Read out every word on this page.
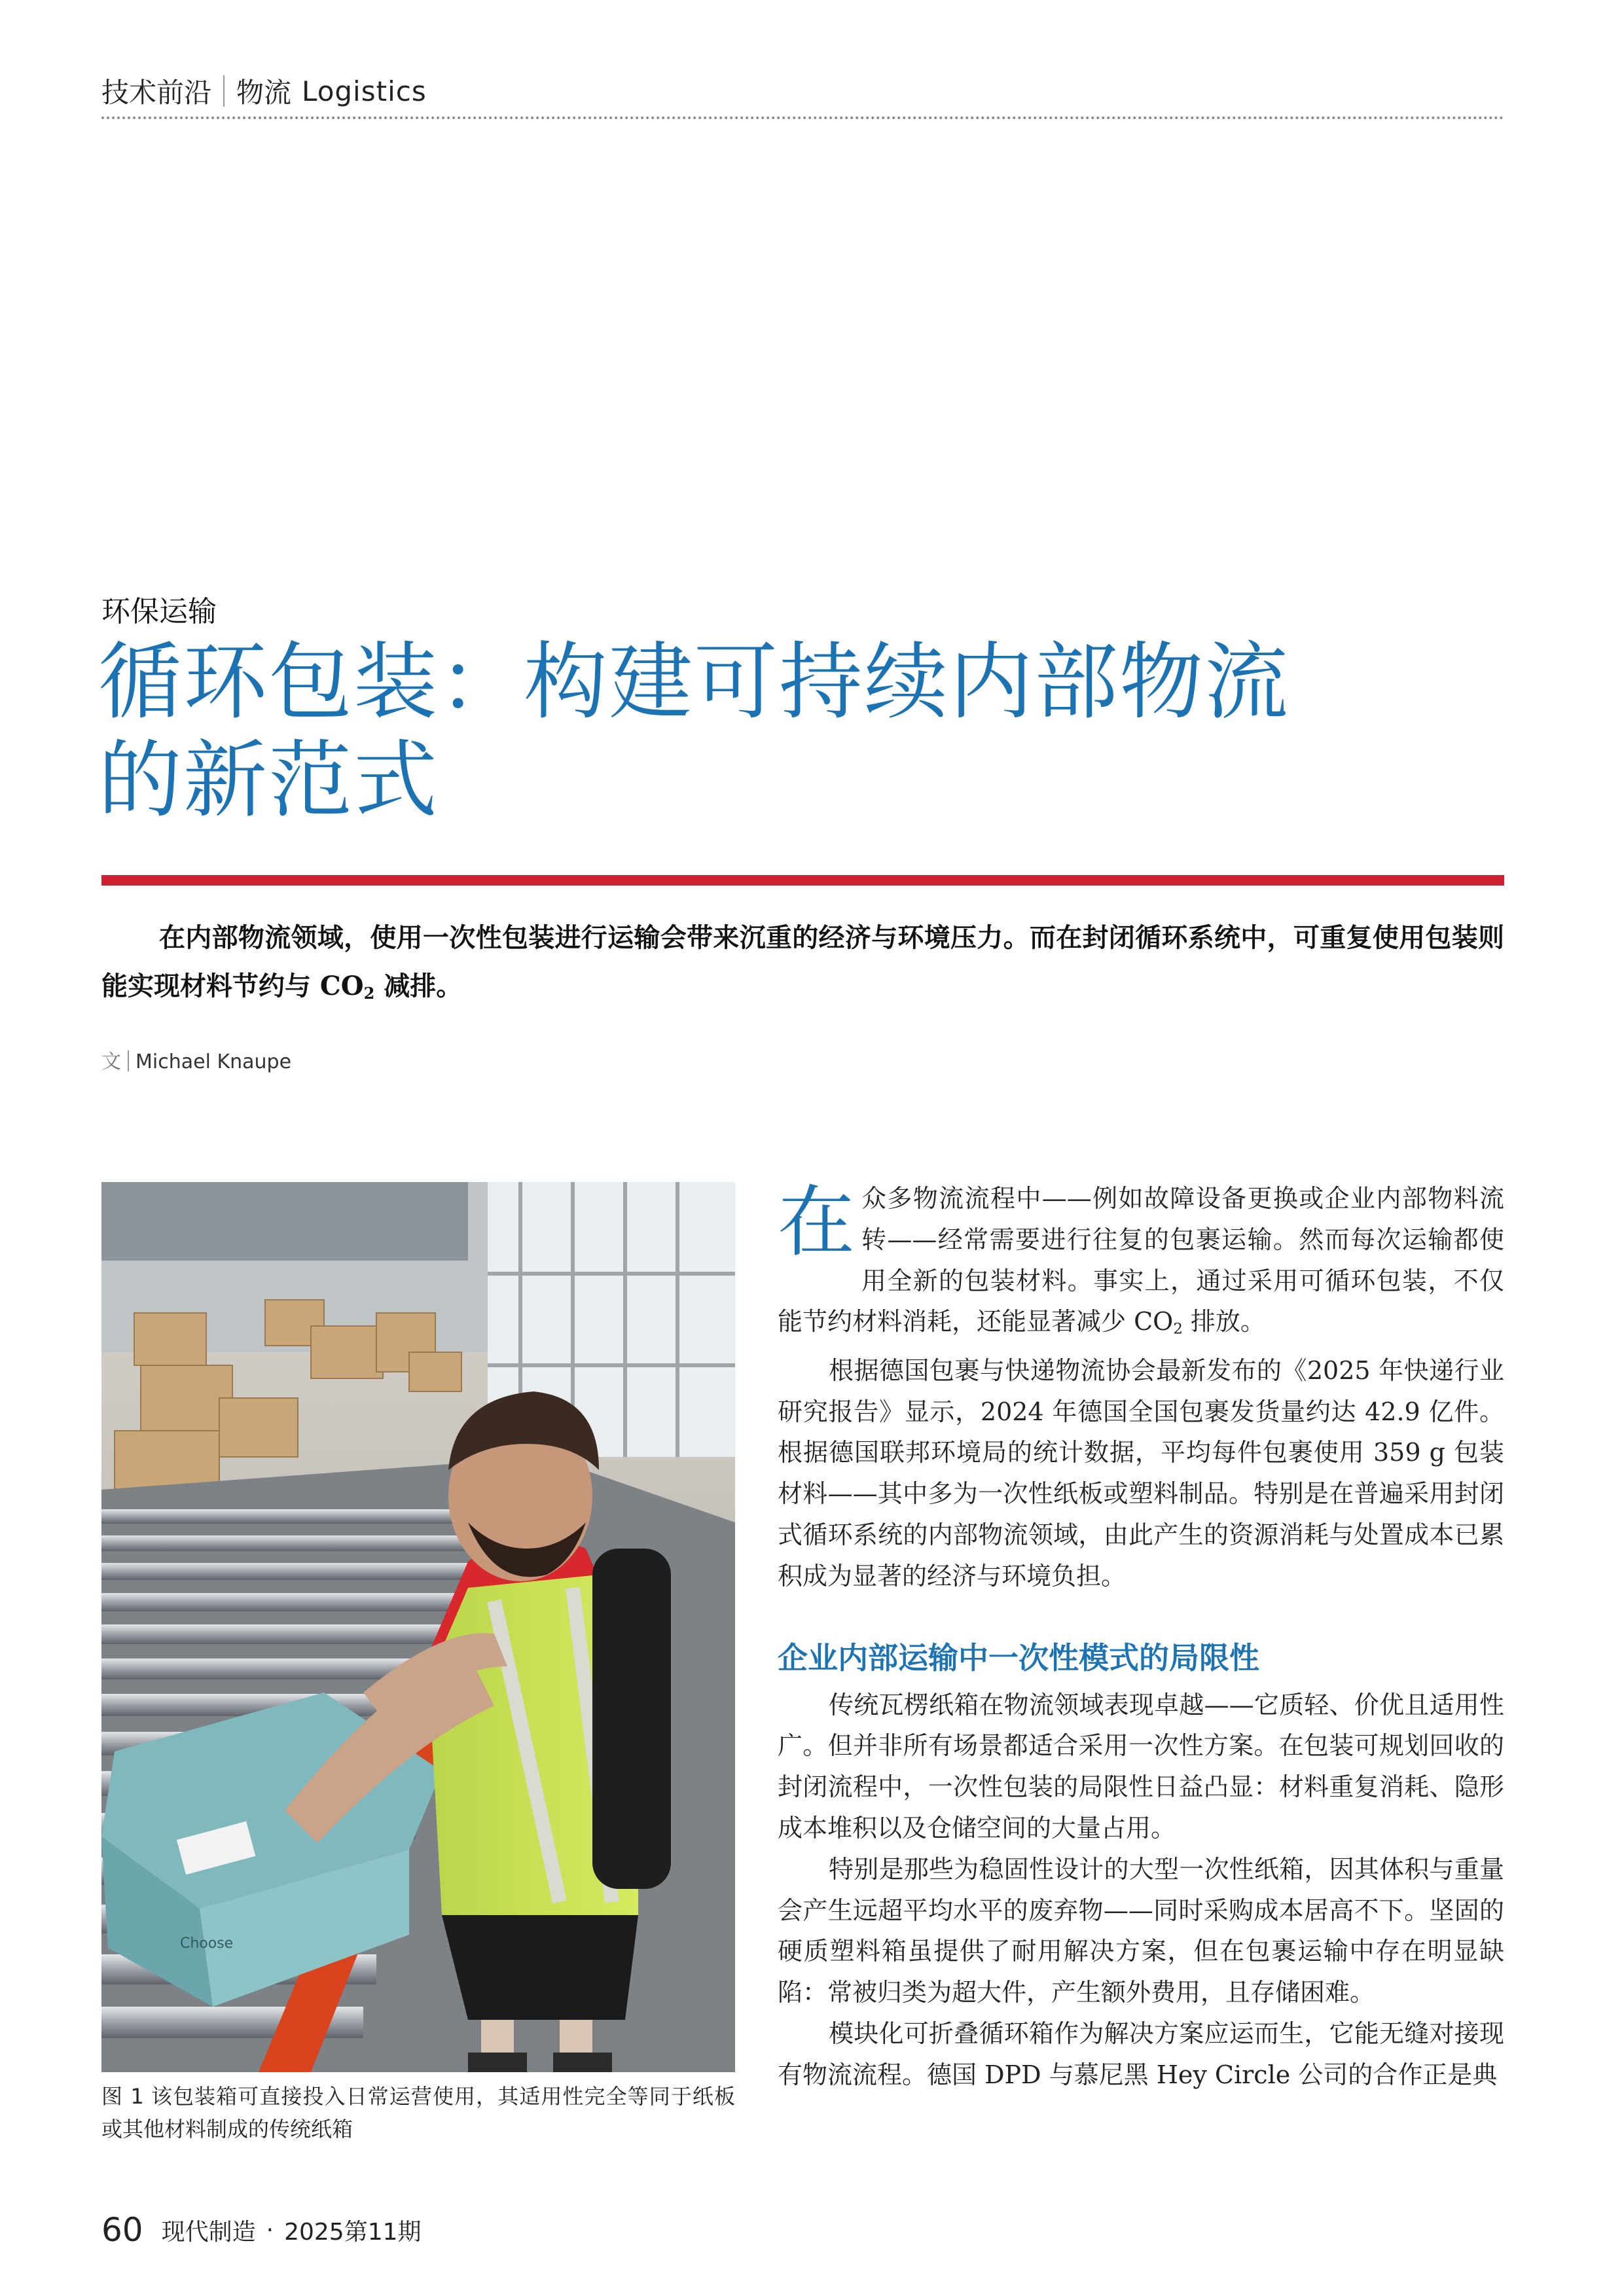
技术前沿 物流 Logistics
环保运输
循环包装：构建可持续内部物流
的新范式
在内部物流领域，使用一次性包装进行运输会带来沉重的经济与环境压力。而在封闭循环系统中，可重复使用包装则能实现材料节约与 $CO_2$ 减排。
文 Michael Knaupe
Choose
图 1 该包装箱可直接投入日常运营使用，其适用性完全等同于纸板或其他材料制成的传统纸箱

在众多物流流程中——例如故障设备更换或企业内部物料流转——经常需要进行往复的包裹运输。然而每次运输都使用全新的包装材料。事实上，通过采用可循环包装，不仅能节约材料消耗，还能显著减少 $CO_2$ 排放。

根据德国包裹与快递物流协会最新发布的《2025 年快递行业研究报告》显示，2024 年德国全国包裹发货量约达 42.9 亿件。根据德国联邦环境局的统计数据，平均每件包裹使用 359 g 包装材料——其中多为一次性纸板或塑料制品。特别是在普遍采用封闭式循环系统的内部物流领域，由此产生的资源消耗与处置成本已累积成为显著的经济与环境负担。

企业内部运输中一次性模式的局限性

传统瓦楞纸箱在物流领域表现卓越——它质轻、价优且适用性广。但并非所有场景都适合采用一次性方案。在包装可规划回收的封闭流程中，一次性包装的局限性日益凸显：材料重复消耗、隐形成本堆积以及仓储空间的大量占用。

特别是那些为稳固性设计的大型一次性纸箱，因其体积与重量会产生远超平均水平的废弃物——同时采购成本居高不下。坚固的硬质塑料箱虽提供了耐用解决方案，但在包裹运输中存在明显缺陷：常被归类为超大件，产生额外费用，且存储困难。

模块化可折叠循环箱作为解决方案应运而生，它能无缝对接现有物流流程。德国 DPD 与慕尼黑 Hey Circle 公司的合作正是典

60 现代制造 · 2025第11期
